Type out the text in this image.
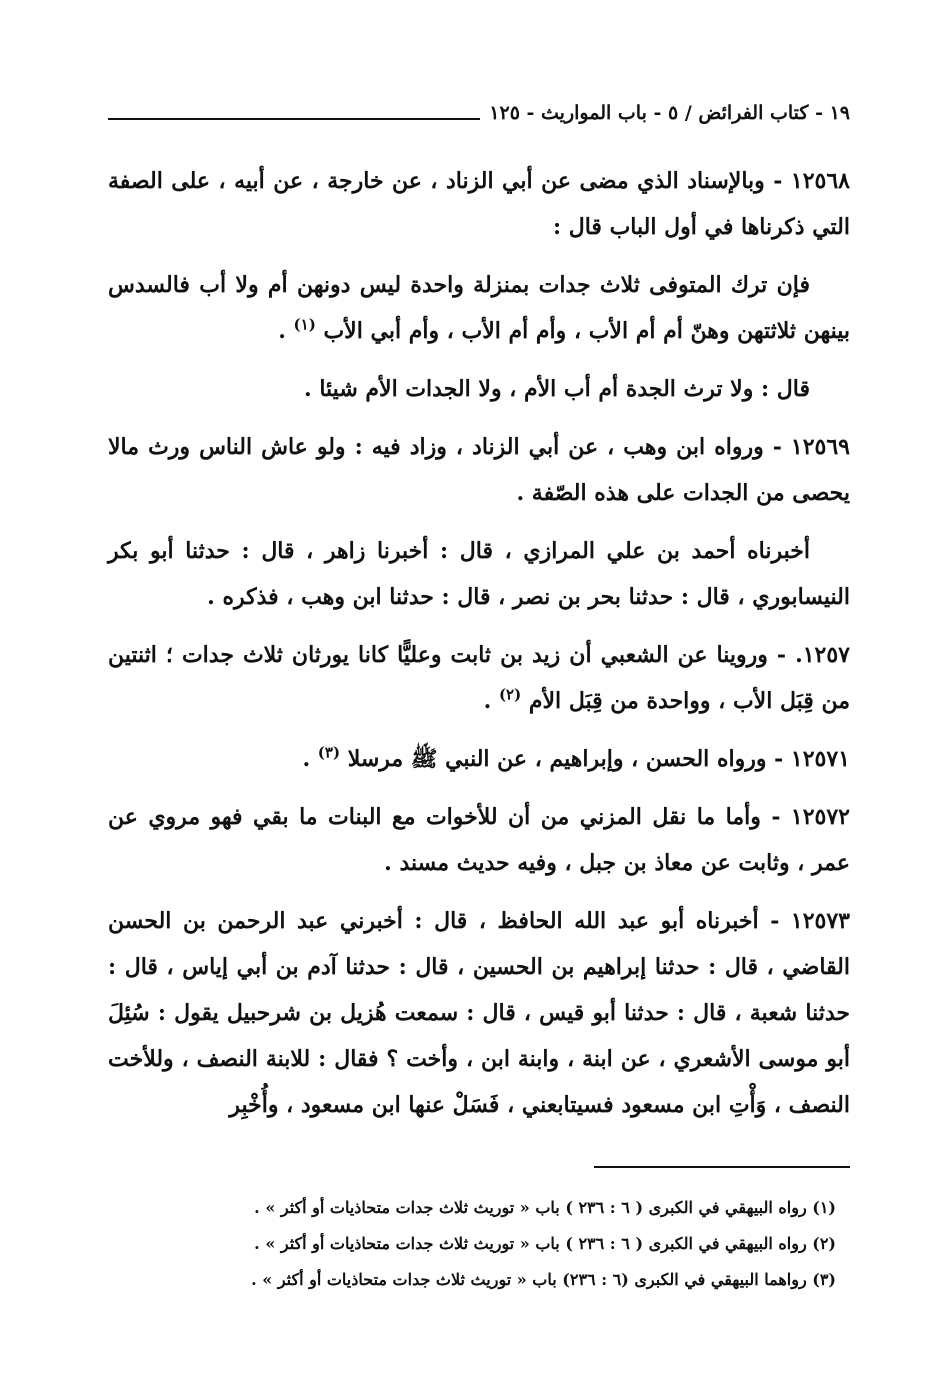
١٩ - كتاب الفرائض / ٥ - باب المواريث - ١٢٥

١٢٥٦٨ - وبالإسناد الذي مضى عن أبي الزناد ، عن خارجة ، عن أبيه ، على الصفة التي ذكرناها في أول الباب قال :

فإن ترك المتوفى ثلاث جدات بمنزلة واحدة ليس دونهن أم ولا أب فالسدس بينهن ثلاثتهن وهنّ أم أم الأب ، وأم أم الأب ، وأم أبي الأب $^{(١)}$ .

قال : ولا ترث الجدة أم أب الأم ، ولا الجدات الأم شيئا .

١٢٥٦٩ - ورواه ابن وهب ، عن أبي الزناد ، وزاد فيه : ولو عاش الناس ورث مالا يحصى من الجدات على هذه الصّفة .

أخبرناه أحمد بن علي المرازي ، قال : أخبرنا زاهر ، قال : حدثنا أبو بكر النيسابوري ، قال : حدثنا بحر بن نصر ، قال : حدثنا ابن وهب ، فذكره .

١٢٥٧. - وروينا عن الشعبي أن زيد بن ثابت وعليًّا كانا يورثان ثلاث جدات ؛ اثنتين من قِبَل الأب ، وواحدة من قِبَل الأم $^{(٢)}$ .

١٢٥٧١ - ورواه الحسن ، وإبراهيم ، عن النبي ﷺ مرسلا $^{(٣)}$ .

١٢٥٧٢ - وأما ما نقل المزني من أن للأخوات مع البنات ما بقي فهو مروي عن عمر ، وثابت عن معاذ بن جبل ، وفيه حديث مسند .

١٢٥٧٣ - أخبرناه أبو عبد الله الحافظ ، قال : أخبرني عبد الرحمن بن الحسن القاضي ، قال : حدثنا إبراهيم بن الحسين ، قال : حدثنا آدم بن أبي إياس ، قال : حدثنا شعبة ، قال : حدثنا أبو قيس ، قال : سمعت هُزيل بن شرحبيل يقول : سُئِلَ أبو موسى الأشعري ، عن ابنة ، وابنة ابن ، وأخت ؟ فقال : للابنة النصف ، وللأخت النصف ، وَأْتِ ابن مسعود فسيتابعني ، فَسَلْ عنها ابن مسعود ، وأُخْبِر

(١) رواه البيهقي في الكبرى ( ٦ : ٢٣٦ ) باب « توريث ثلاث جدات متحاذيات أو أكثر » .

(٢) رواه البيهقي في الكبرى ( ٦ : ٢٣٦ ) باب « توريث ثلاث جدات متحاذيات أو أكثر » .

(٣) رواهما البيهقي في الكبرى (٦ : ٢٣٦) باب « توريث ثلاث جدات متحاذيات أو أكثر » .
